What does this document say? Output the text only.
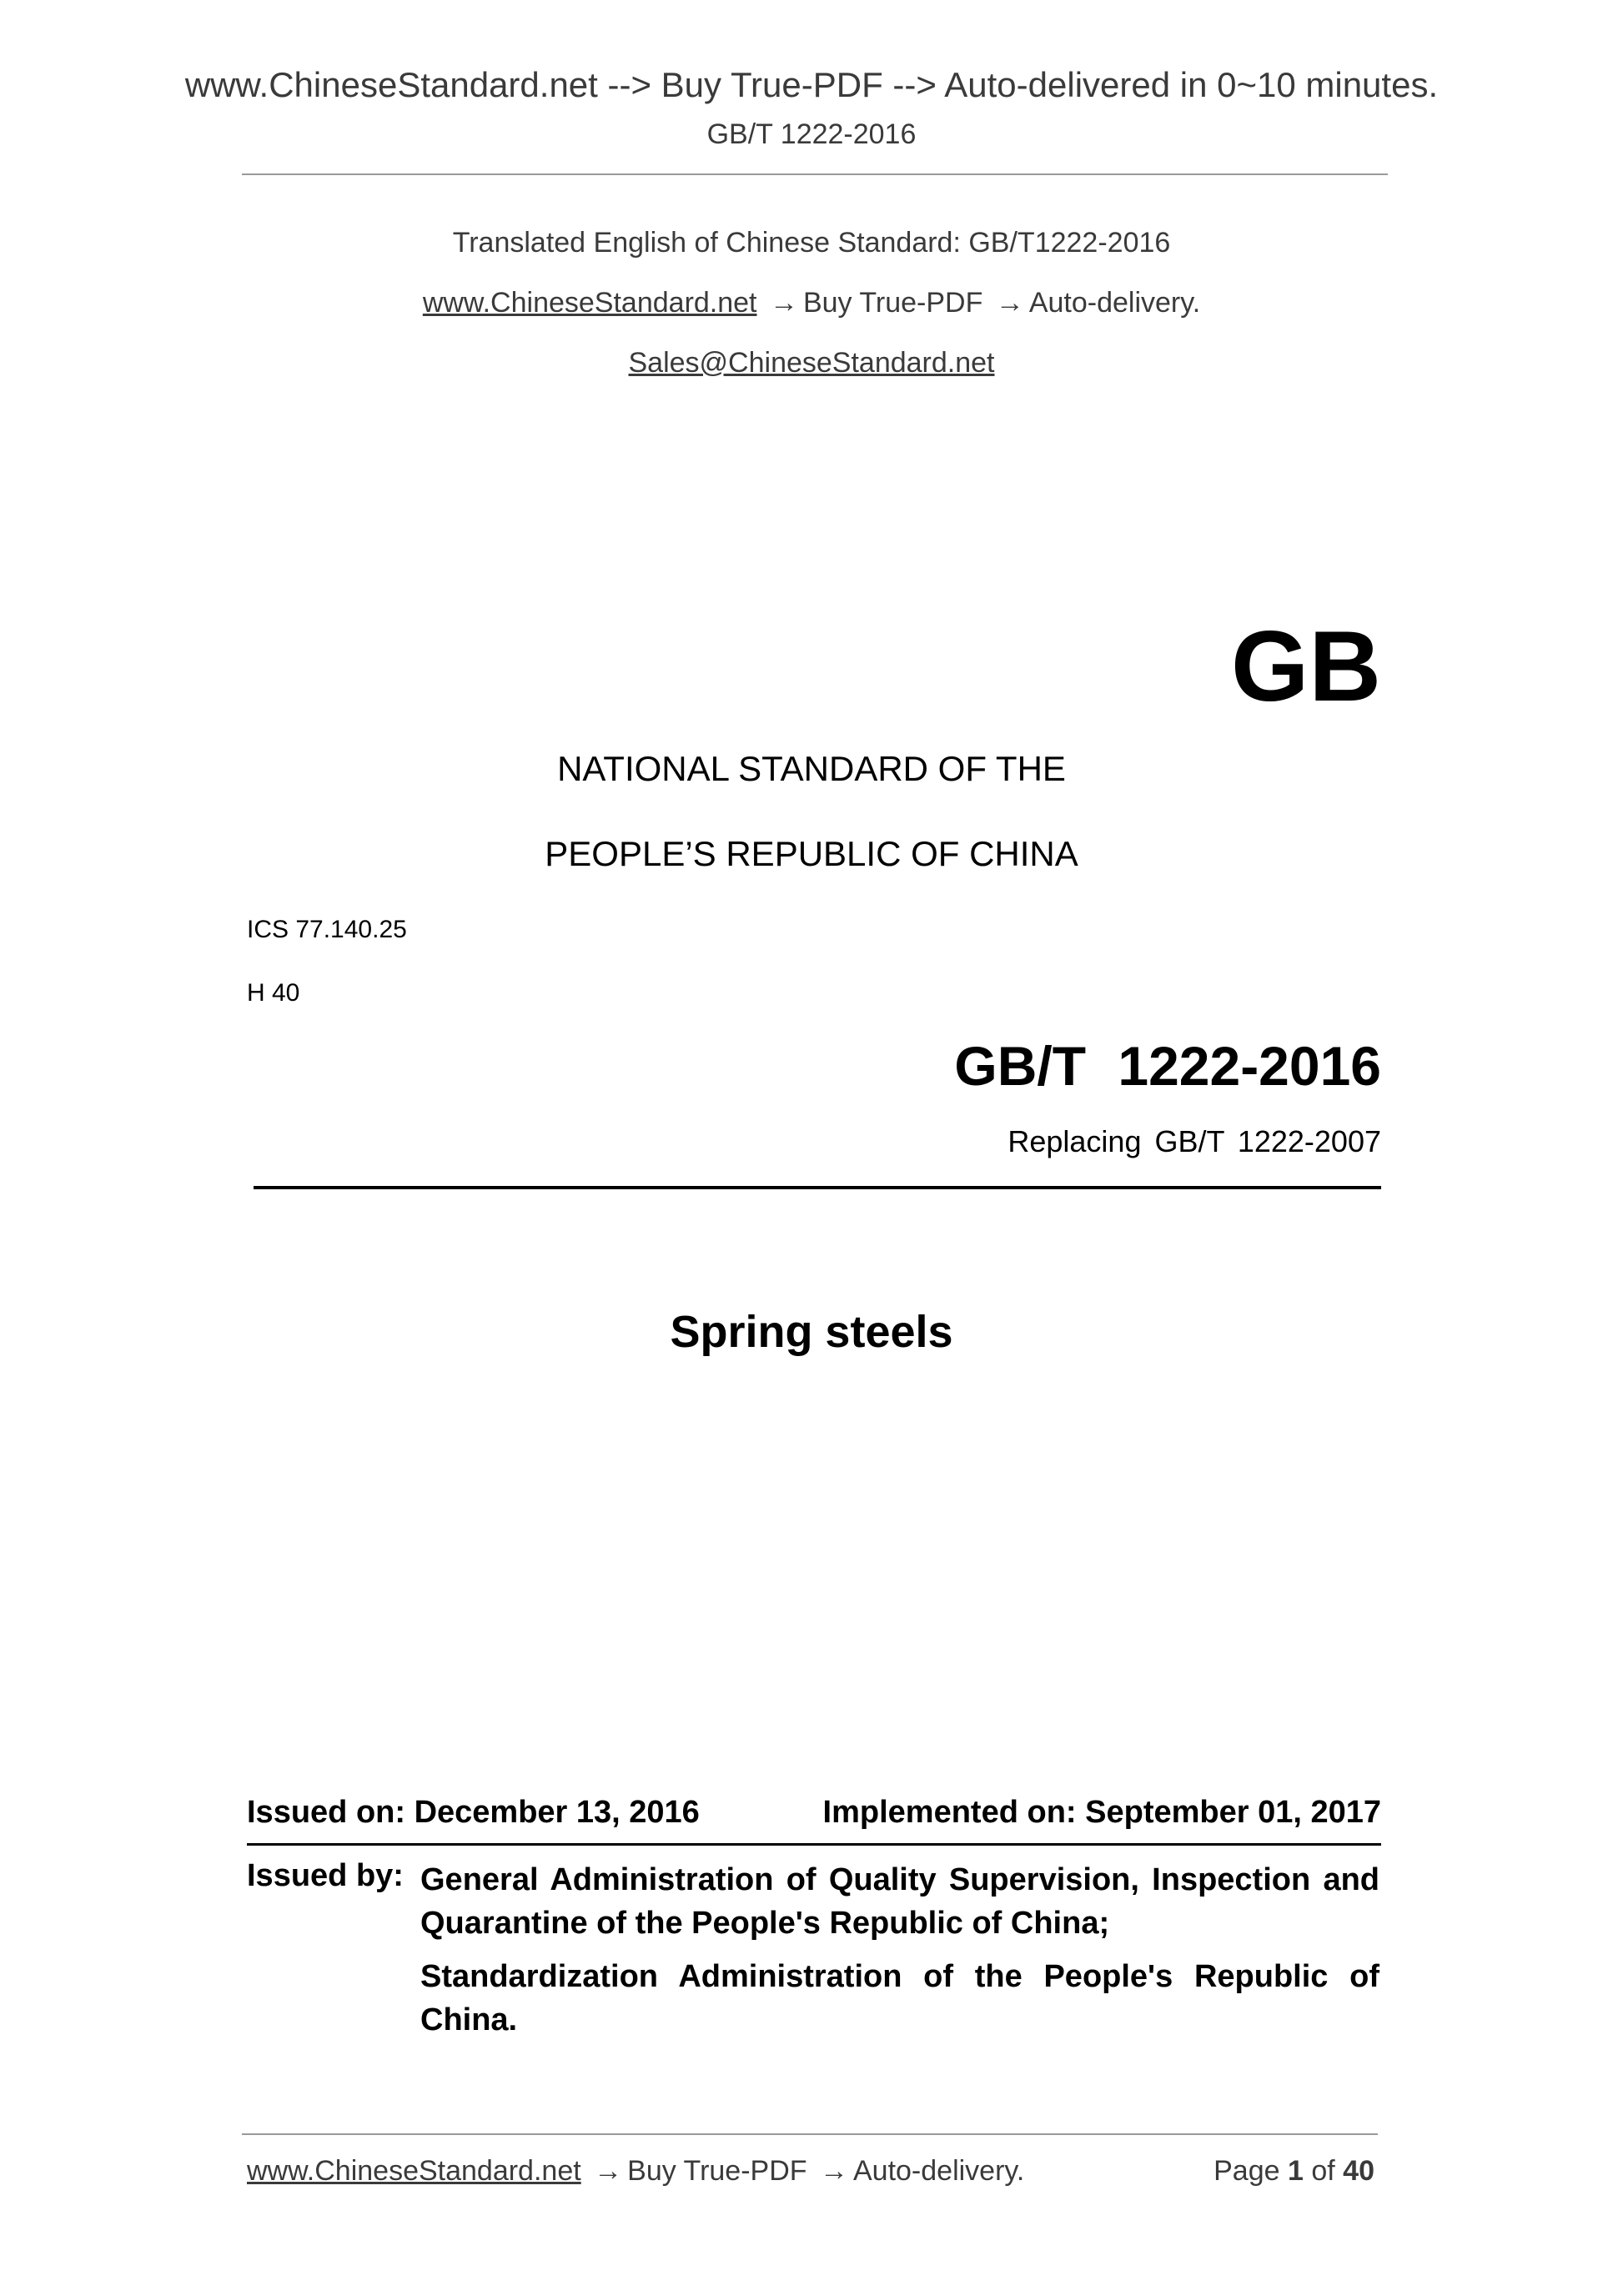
www.ChineseStandard.net --> Buy True-PDF --> Auto-delivered in 0~10 minutes.
GB/T 1222-2016
Translated English of Chinese Standard: GB/T1222-2016
www.ChineseStandard.net → Buy True-PDF → Auto-delivery.
Sales@ChineseStandard.net
GB
NATIONAL STANDARD OF THE
PEOPLE’S REPUBLIC OF CHINA
ICS 77.140.25
H 40
GB/T 1222-2016
Replacing GB/T 1222-2007
Spring steels
Issued on: December 13, 2016	Implemented on: September 01, 2017
Issued by: General Administration of Quality Supervision, Inspection and Quarantine of the People's Republic of China;
Standardization Administration of the People's Republic of China.
www.ChineseStandard.net → Buy True-PDF → Auto-delivery.	Page 1 of 40
